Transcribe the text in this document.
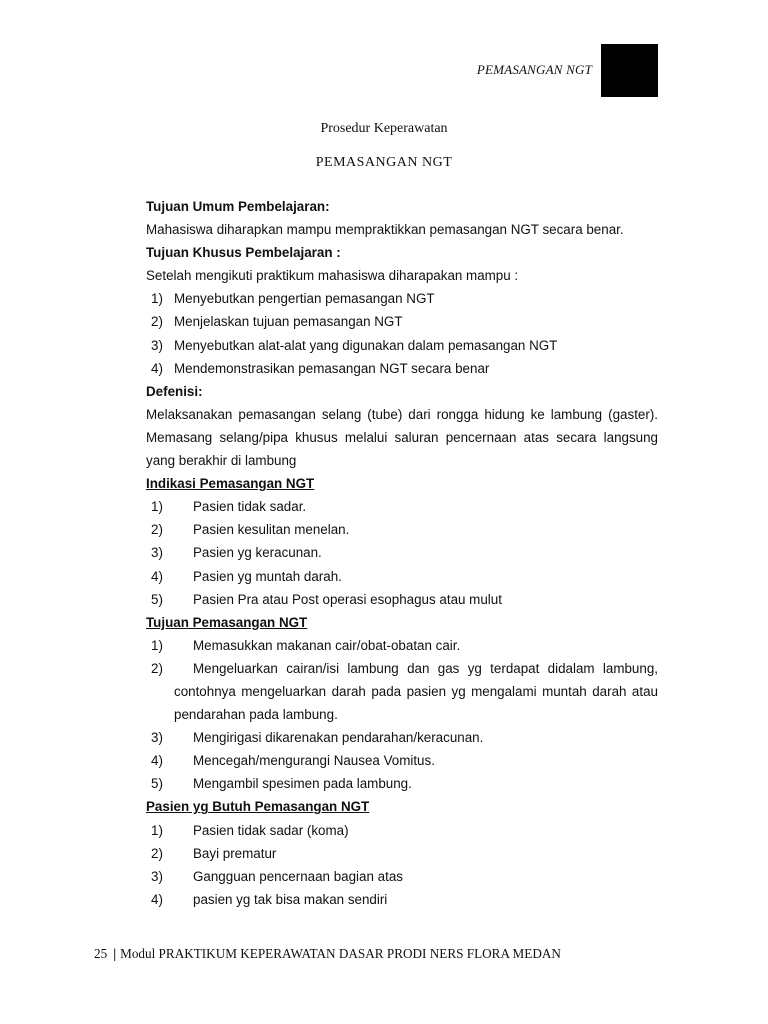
PEMASANGAN NGT
Prosedur Keperawatan
PEMASANGAN NGT

Tujuan Umum Pembelajaran:

Mahasiswa diharapkan mampu mempraktikkan pemasangan NGT secara benar.

Tujuan Khusus Pembelajaran :

Setelah mengikuti praktikum mahasiswa diharapakan mampu :

1) Menyebutkan pengertian pemasangan NGT
2) Menjelaskan tujuan pemasangan NGT
3) Menyebutkan alat-alat yang digunakan dalam pemasangan NGT
4) Mendemonstrasikan pemasangan NGT secara benar

Defenisi:

Melaksanakan pemasangan selang (tube) dari rongga hidung ke lambung (gaster). Memasang selang/pipa khusus melalui saluran pencernaan atas secara langsung yang berakhir di lambung

Indikasi Pemasangan NGT

1) Pasien tidak sadar.
2) Pasien kesulitan menelan.
3) Pasien yg keracunan.
4) Pasien yg muntah darah.
5) Pasien Pra atau Post operasi esophagus atau mulut

Tujuan Pemasangan NGT

1) Memasukkan makanan cair/obat-obatan cair.
2) Mengeluarkan cairan/isi lambung dan gas yg terdapat didalam lambung, contohnya mengeluarkan darah pada pasien yg mengalami muntah darah atau pendarahan pada lambung.
3) Mengirigasi dikarenakan pendarahan/keracunan.
4) Mencegah/mengurangi Nausea Vomitus.
5) Mengambil spesimen pada lambung.

Pasien yg Butuh Pemasangan NGT

1) Pasien tidak sadar (koma)
2) Bayi prematur
3) Gangguan pencernaan bagian atas
4) pasien yg tak bisa makan sendiri
25 | Modul PRAKTIKUM KEPERAWATAN DASAR PRODI NERS FLORA MEDAN
